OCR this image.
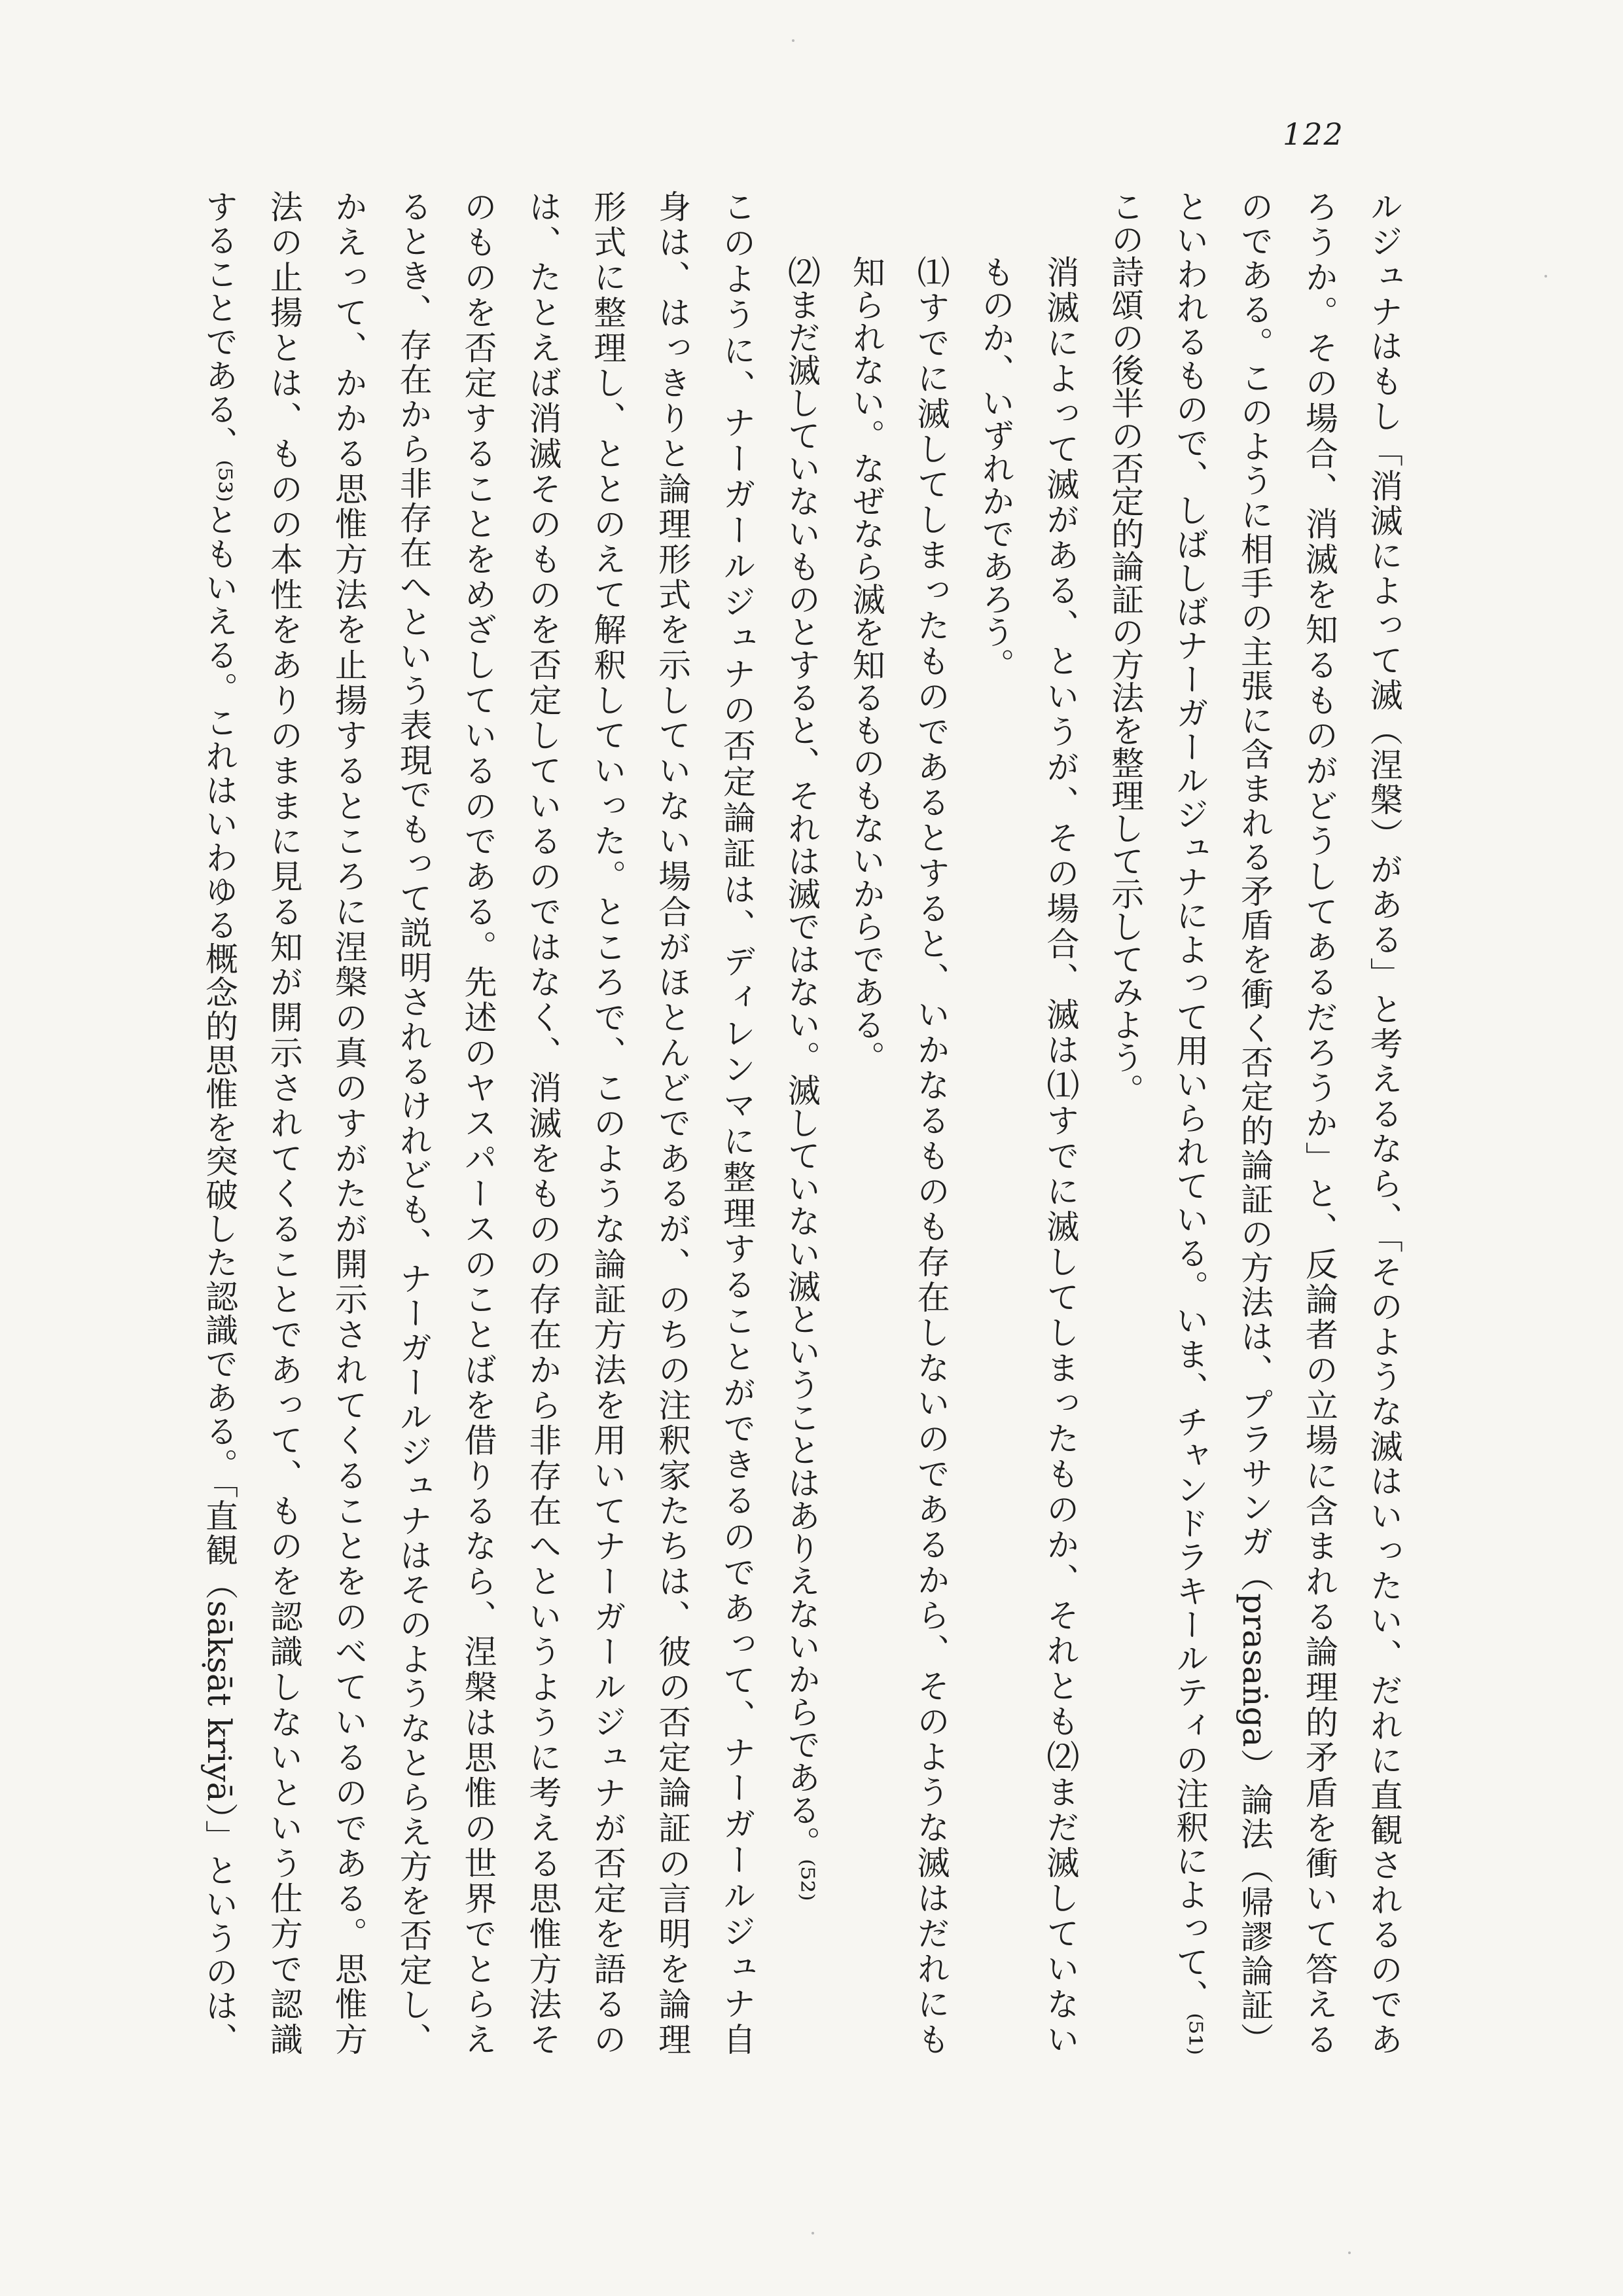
122
ルジュナはもし「消滅によって滅（涅槃）がある」と考えるなら、「そのような滅はいったい、だれに直観されるのであ
ろうか。その場合、消滅を知るものがどうしてあるだろうか」と、反論者の立場に含まれる論理的矛盾を衝いて答える
のである。このように相手の主張に含まれる矛盾を衝く否定的論証の方法は、プラサンガ（prasaṅga）論法（帰謬論証）
といわれるもので、しばしばナーガールジュナによって用いられている。いま、チャンドラキールティの注釈によって、⁽⁵¹⁾
この詩頌の後半の否定的論証の方法を整理して示してみよう。
消滅によって滅がある、というが、その場合、滅は⑴すでに滅してしまったものか、それとも⑵まだ滅していない
ものか、いずれかであろう。
⑴すでに滅してしまったものであるとすると、いかなるものも存在しないのであるから、そのような滅はだれにも
知られない。なぜなら滅を知るものもないからである。
⑵まだ滅していないものとすると、それは滅ではない。滅していない滅ということはありえないからである。⁽⁵²⁾
このように、ナーガールジュナの否定論証は、ディレンマに整理することができるのであって、ナーガールジュナ自
身は、はっきりと論理形式を示していない場合がほとんどであるが、のちの注釈家たちは、彼の否定論証の言明を論理
形式に整理し、ととのえて解釈していった。ところで、このような論証方法を用いてナーガールジュナが否定を語るの
は、たとえば消滅そのものを否定しているのではなく、消滅をものの存在から非存在へというように考える思惟方法そ
のものを否定することをめざしているのである。先述のヤスパースのことばを借りるなら、涅槃は思惟の世界でとらえ
るとき、存在から非存在へという表現でもって説明されるけれども、ナーガールジュナはそのようなとらえ方を否定し、
かえって、かかる思惟方法を止揚するところに涅槃の真のすがたが開示されてくることをのべているのである。思惟方
法の止揚とは、ものの本性をありのままに見る知が開示されてくることであって、ものを認識しないという仕方で認識
することである、⁽⁵³⁾ともいえる。これはいわゆる概念的思惟を突破した認識である。「直観（sākṣāt kriyā）」というのは、
